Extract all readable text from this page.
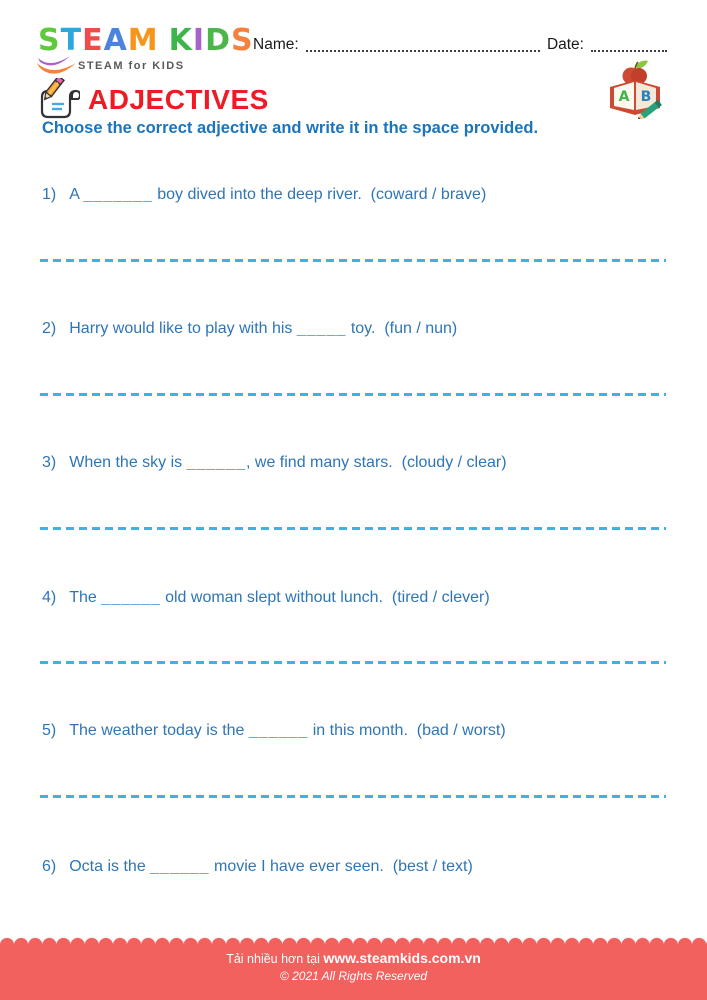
STEAM KIDS
STEAM for KIDS
Name:	Date:
A B
ADJECTIVES
Choose the correct adjective and write it in the space provided.
1) A _______ boy dived into the deep river.  (coward / brave)
2) Harry would like to play with his _____ toy.  (fun / nun)
3) When the sky is ______, we find many stars.  (cloudy / clear)
4) The ______ old woman slept without lunch.  (tired / clever)
5) The weather today is the ______ in this month.  (bad / worst)
6) Octa is the ______ movie I have ever seen.  (best / text)
Tải nhiều hơn tại www.steamkids.com.vn
© 2021 All Rights Reserved
